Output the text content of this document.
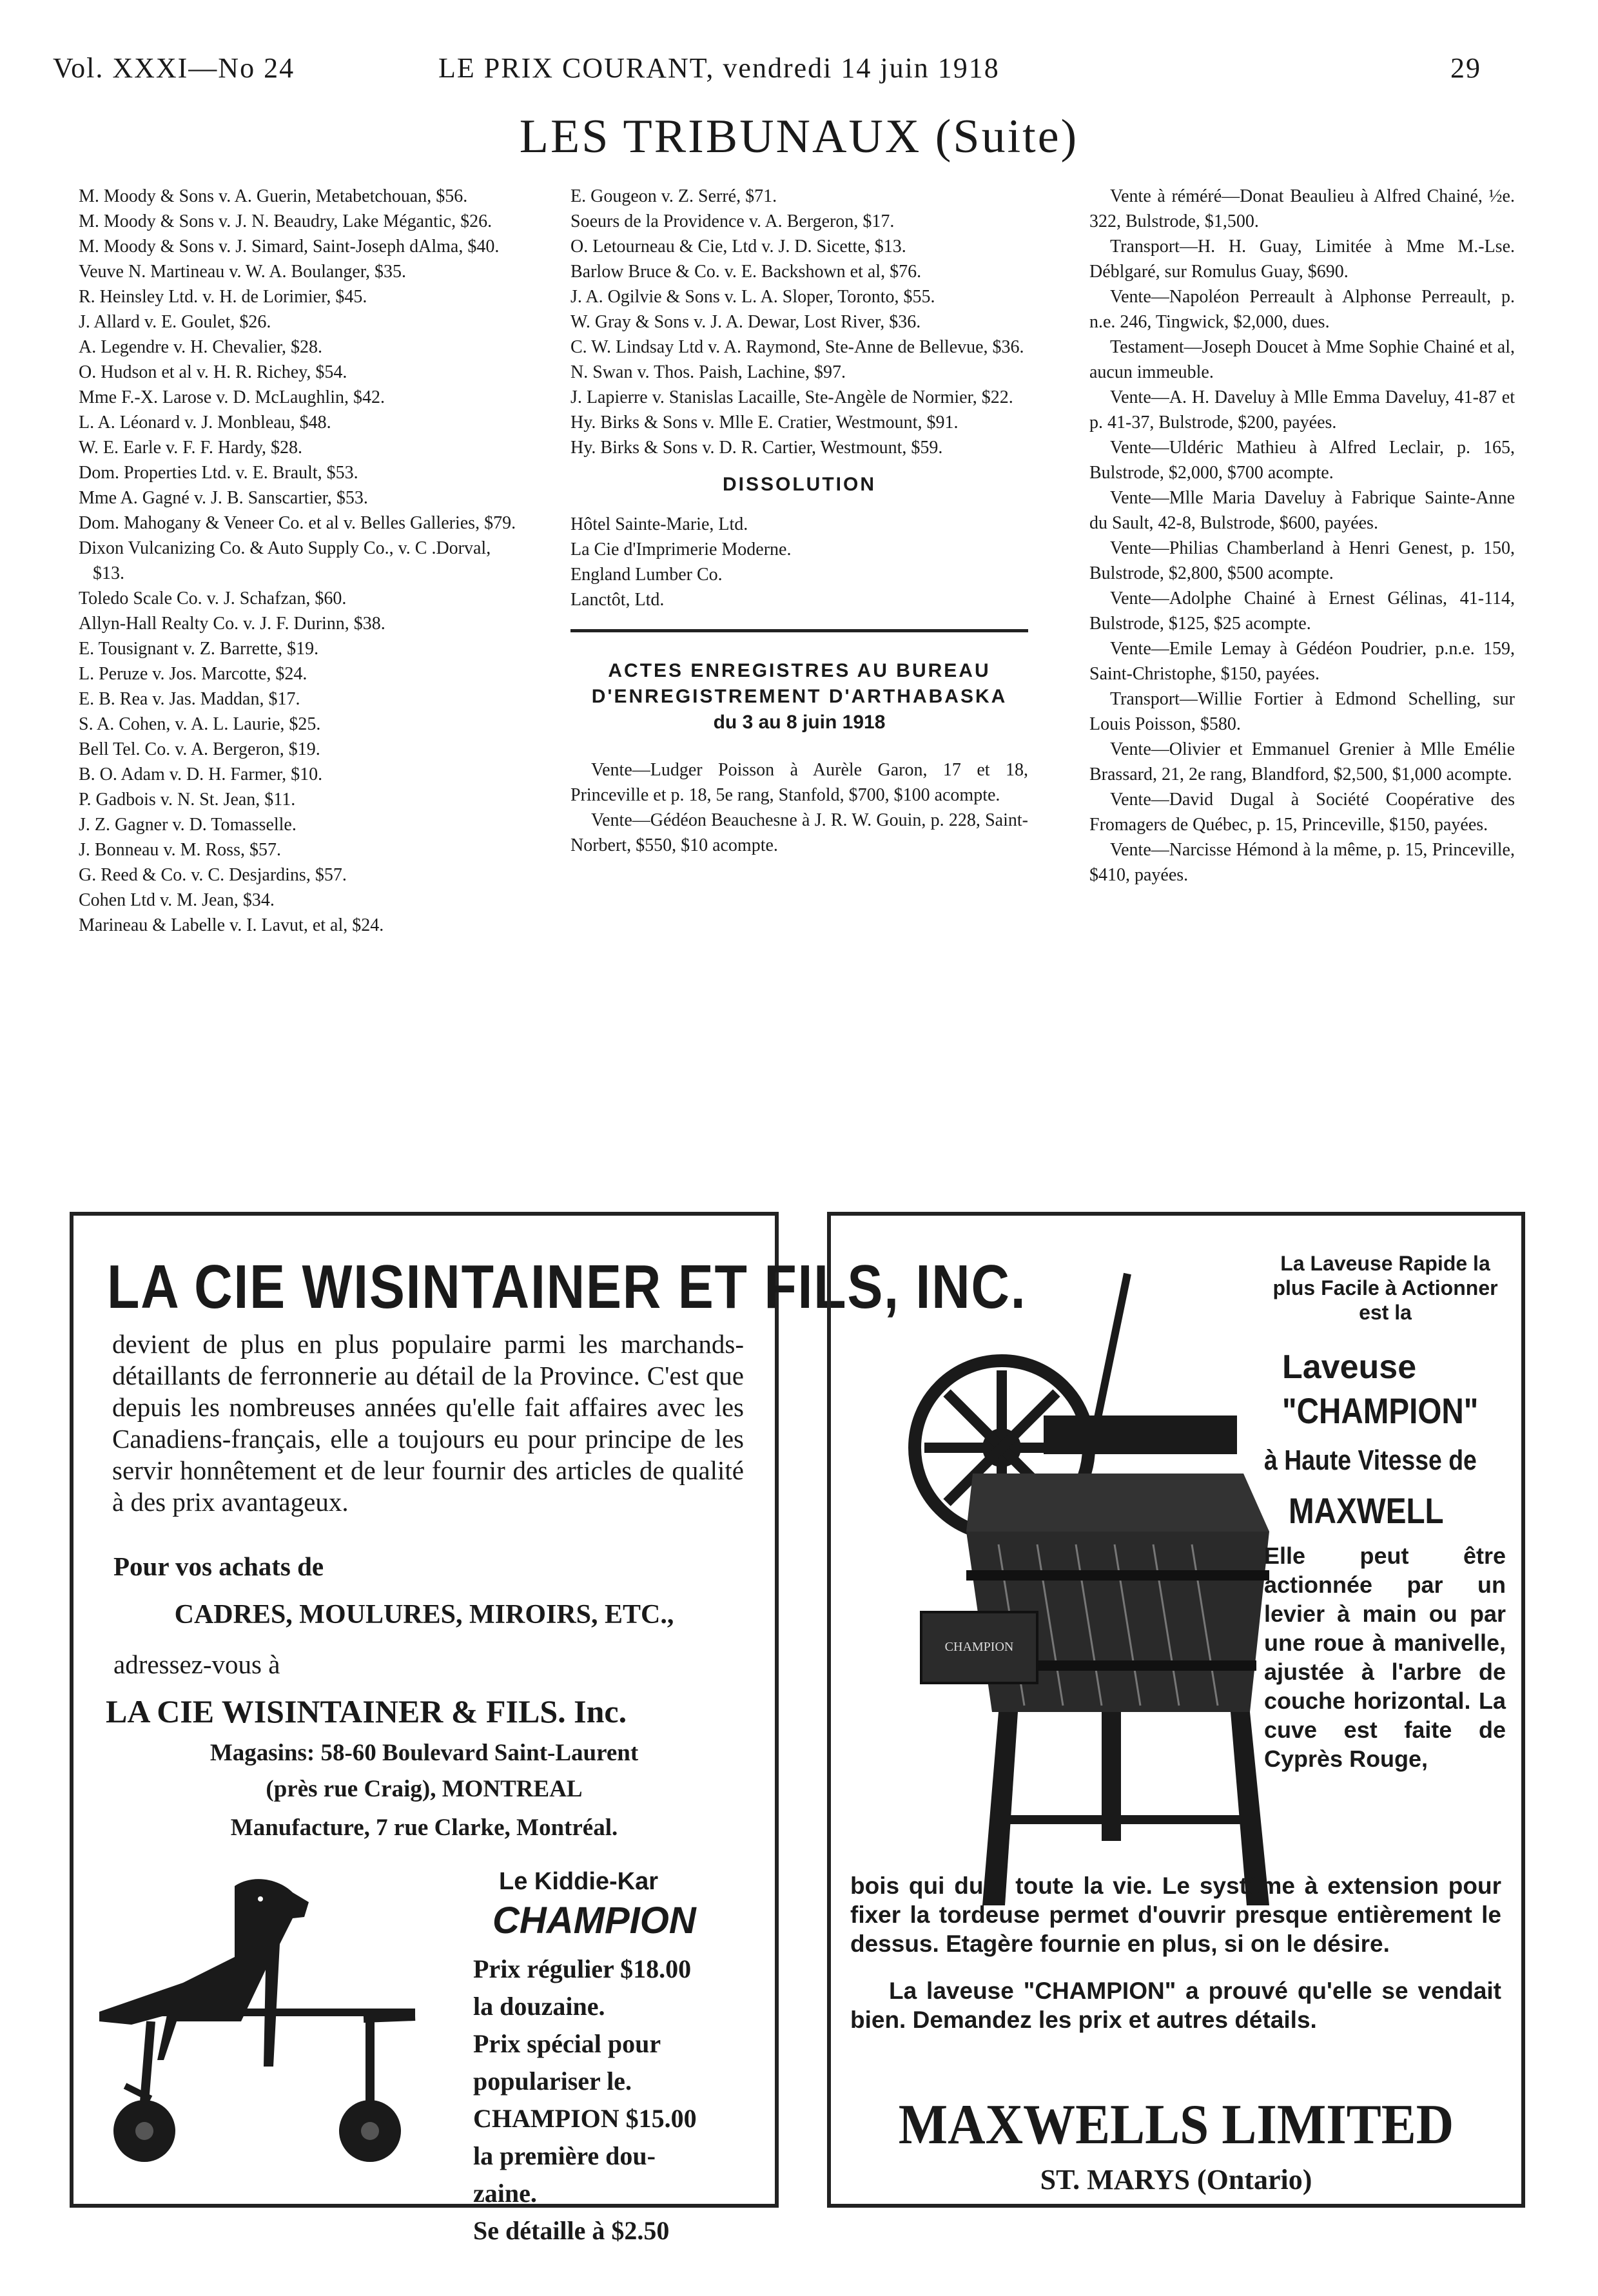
Vol. XXXI—No 24	LE PRIX COURANT, vendredi 14 juin 1918	29
LES TRIBUNAUX (Suite)

M. Moody & Sons v. A. Guerin, Metabetchouan, $56.

M. Moody & Sons v. J. N. Beaudry, Lake Mégantic, $26.

M. Moody & Sons v. J. Simard, Saint-Joseph dAlma, $40.

Veuve N. Martineau v. W. A. Boulanger, $35.

R. Heinsley Ltd. v. H. de Lorimier, $45.

J. Allard v. E. Goulet, $26.

A. Legendre v. H. Chevalier, $28.

O. Hudson et al v. H. R. Richey, $54.

Mme F.-X. Larose v. D. McLaughlin, $42.

L. A. Léonard v. J. Monbleau, $48.

W. E. Earle v. F. F. Hardy, $28.

Dom. Properties Ltd. v. E. Brault, $53.

Mme A. Gagné v. J. B. Sanscartier, $53.

Dom. Mahogany & Veneer Co. et al v. Belles Galleries, $79.

Dixon Vulcanizing Co. & Auto Supply Co., v. C .Dorval, $13.

Toledo Scale Co. v. J. Schafzan, $60.

Allyn-Hall Realty Co. v. J. F. Durinn, $38.

E. Tousignant v. Z. Barrette, $19.

L. Peruze v. Jos. Marcotte, $24.

E. B. Rea v. Jas. Maddan, $17.

S. A. Cohen, v. A. L. Laurie, $25.

Bell Tel. Co. v. A. Bergeron, $19.

B. O. Adam v. D. H. Farmer, $10.

P. Gadbois v. N. St. Jean, $11.

J. Z. Gagner v. D. Tomasselle.

J. Bonneau v. M. Ross, $57.

G. Reed & Co. v. C. Desjardins, $57.

Cohen Ltd v. M. Jean, $34.

Marineau & Labelle v. I. Lavut, et al, $24.

E. Gougeon v. Z. Serré, $71.

Soeurs de la Providence v. A. Bergeron, $17.

O. Letourneau & Cie, Ltd v. J. D. Sicette, $13.

Barlow Bruce & Co. v. E. Backshown et al, $76.

J. A. Ogilvie & Sons v. L. A. Sloper, Toronto, $55.

W. Gray & Sons v. J. A. Dewar, Lost River, $36.

C. W. Lindsay Ltd v. A. Raymond, Ste-Anne de Bellevue, $36.

N. Swan v. Thos. Paish, Lachine, $97.

J. Lapierre v. Stanislas Lacaille, Ste-Angèle de Normier, $22.

Hy. Birks & Sons v. Mlle E. Cratier, Westmount, $91.

Hy. Birks & Sons v. D. R. Cartier, Westmount, $59.

DISSOLUTION

Hôtel Sainte-Marie, Ltd.

La Cie d'Imprimerie Moderne.

England Lumber Co.

Lanctôt, Ltd.

ACTES ENREGISTRES AU BUREAU D'ENREGISTREMENT D'ARTHABASKA
du 3 au 8 juin 1918

Vente—Ludger Poisson à Aurèle Garon, 17 et 18, Princeville et p. 18, 5e rang, Stanfold, $700, $100 acompte.

Vente—Gédéon Beauchesne à J. R. W. Gouin, p. 228, Saint-Norbert, $550, $10 acompte.

Vente à réméré—Donat Beaulieu à Alfred Chainé, ½e. 322, Bulstrode, $1,500.

Transport—H. H. Guay, Limitée à Mme M.-Lse. Déblgaré, sur Romulus Guay, $690.

Vente—Napoléon Perreault à Alphonse Perreault, p. n.e. 246, Tingwick, $2,000, dues.

Testament—Joseph Doucet à Mme Sophie Chainé et al, aucun immeuble.

Vente—A. H. Daveluy à Mlle Emma Daveluy, 41-87 et p. 41-37, Bulstrode, $200, payées.

Vente—Uldéric Mathieu à Alfred Leclair, p. 165, Bulstrode, $2,000, $700 acompte.

Vente—Mlle Maria Daveluy à Fabrique Sainte-Anne du Sault, 42-8, Bulstrode, $600, payées.

Vente—Philias Chamberland à Henri Genest, p. 150, Bulstrode, $2,800, $500 acompte.

Vente—Adolphe Chainé à Ernest Gélinas, 41-114, Bulstrode, $125, $25 acompte.

Vente—Emile Lemay à Gédéon Poudrier, p.n.e. 159, Saint-Christophe, $150, payées.

Transport—Willie Fortier à Edmond Schelling, sur Louis Poisson, $580.

Vente—Olivier et Emmanuel Grenier à Mlle Emélie Brassard, 21, 2e rang, Blandford, $2,500, $1,000 acompte.

Vente—David Dugal à Société Coopérative des Fromagers de Québec, p. 15, Princeville, $150, payées.

Vente—Narcisse Hémond à la même, p. 15, Princeville, $410, payées.

LA CIE WISINTAINER ET FILS, INC.
devient de plus en plus populaire parmi les marchands-détaillants de ferronnerie au détail de la Province. C'est que depuis les nombreuses années qu'elle fait affaires avec les Canadiens-français, elle a toujours eu pour principe de les servir honnêtement et de leur fournir des articles de qualité à des prix avantageux.
Pour vos achats de
CADRES, MOULURES, MIROIRS, ETC.,
adressez-vous à
LA CIE WISINTAINER & FILS. Inc.
Magasins: 58-60 Boulevard Saint-Laurent
(près rue Craig), MONTREAL
Manufacture, 7 rue Clarke, Montréal.
Le Kiddie-Kar
CHAMPION
Prix régulier $18.00
la douzaine.
Prix spécial pour
populariser le.
CHAMPION $15.00
la première dou-
zaine.
Se détaille à $2.50
CHAMPION
La Laveuse Rapide la plus Facile à Actionner est la
Laveuse
"CHAMPION"
à Haute Vitesse de
MAXWELL
Elle peut être actionnée par un levier à main ou par une roue à manivelle, ajustée à l'arbre de couche horizontal. La cuve est faite de Cyprès Rouge,
bois qui dure toute la vie. Le système à extension pour fixer la tordeuse permet d'ouvrir presque entièrement le dessus. Etagère fournie en plus, si on le désire.
La laveuse "CHAMPION" a prouvé qu'elle se vendait bien. Demandez les prix et autres détails.
MAXWELLS LIMITED
ST. MARYS (Ontario)
